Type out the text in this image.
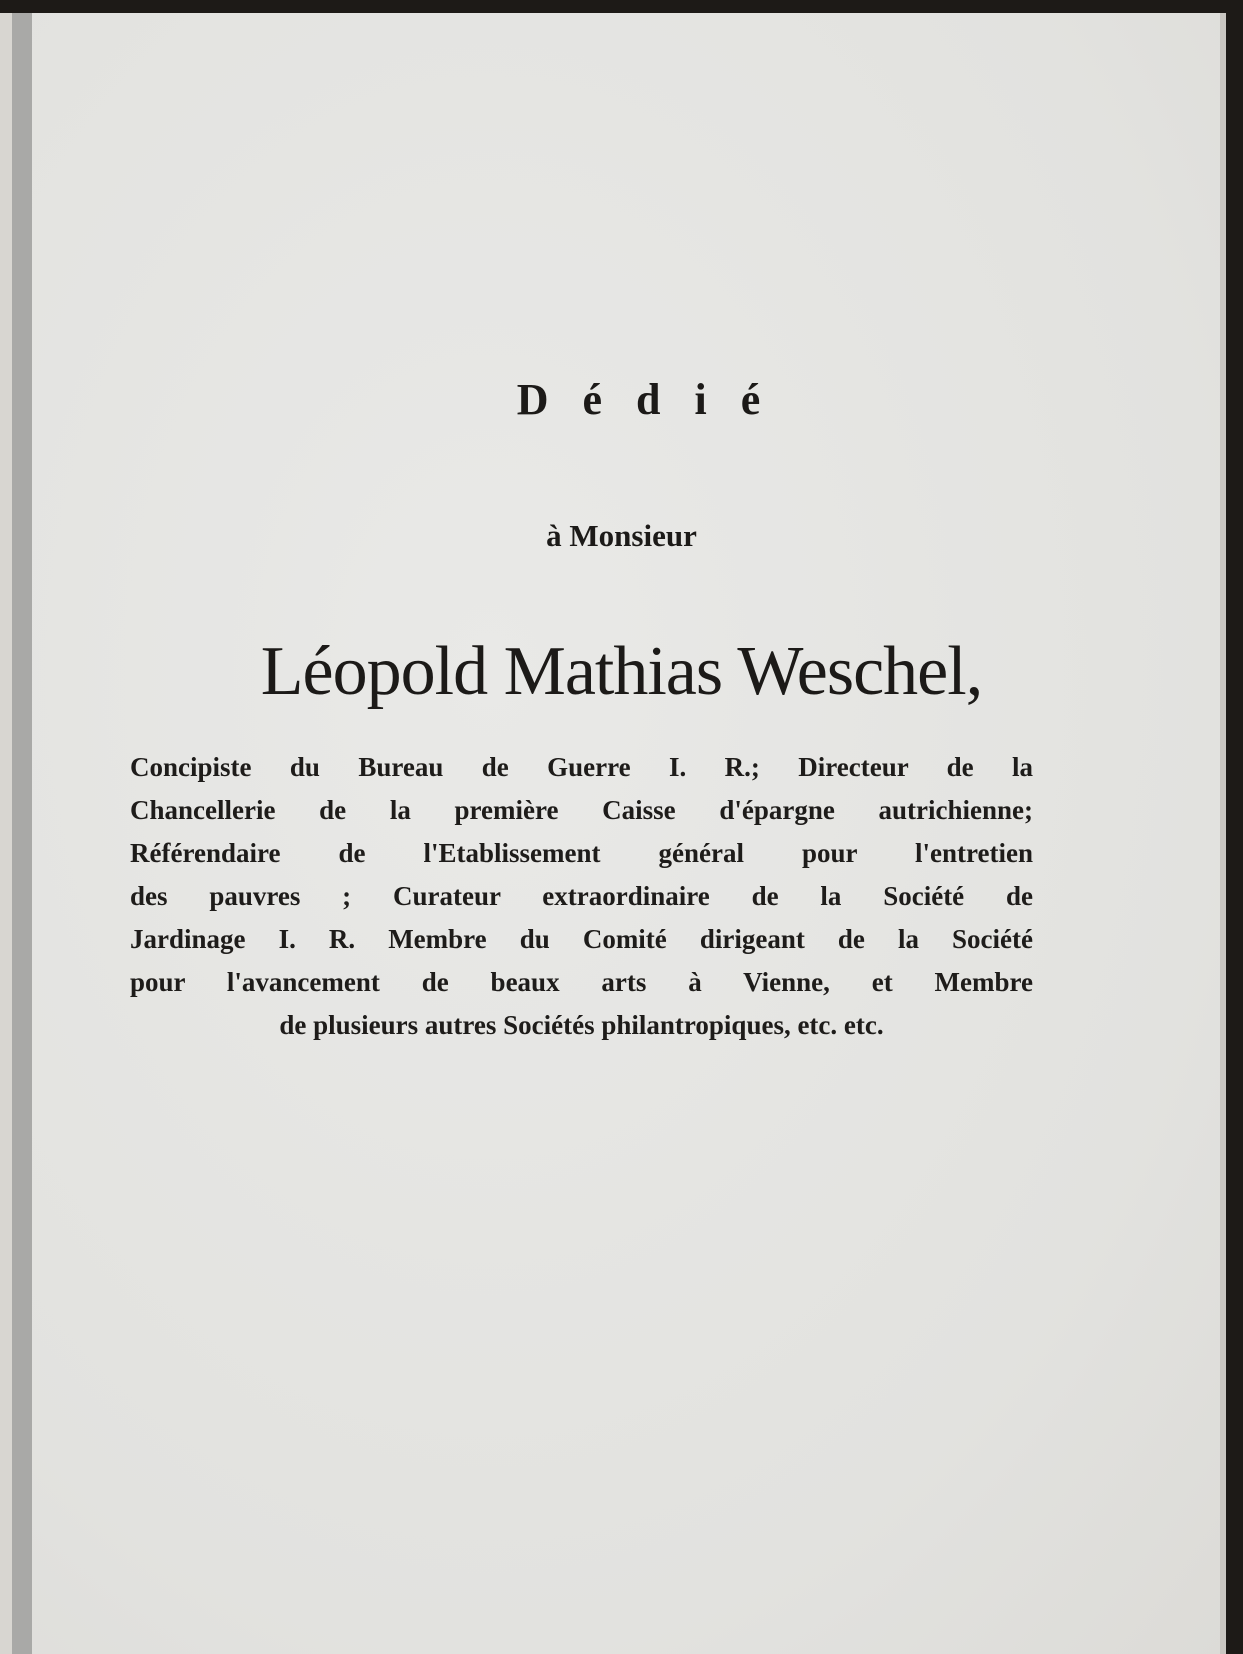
Dédié
à Monsieur
Léopold Mathias Weschel,
Concipiste du Bureau de Guerre I. R.; Directeur de la
Chancellerie de la première Caisse d'épargne autrichienne;
Référendaire de l'Etablissement général pour l'entretien
des pauvres ; Curateur extraordinaire de la Société de
Jardinage I. R. Membre du Comité dirigeant de la Société
pour l'avancement de beaux arts à Vienne, et Membre
de plusieurs autres Sociétés philantropiques, etc. etc.
